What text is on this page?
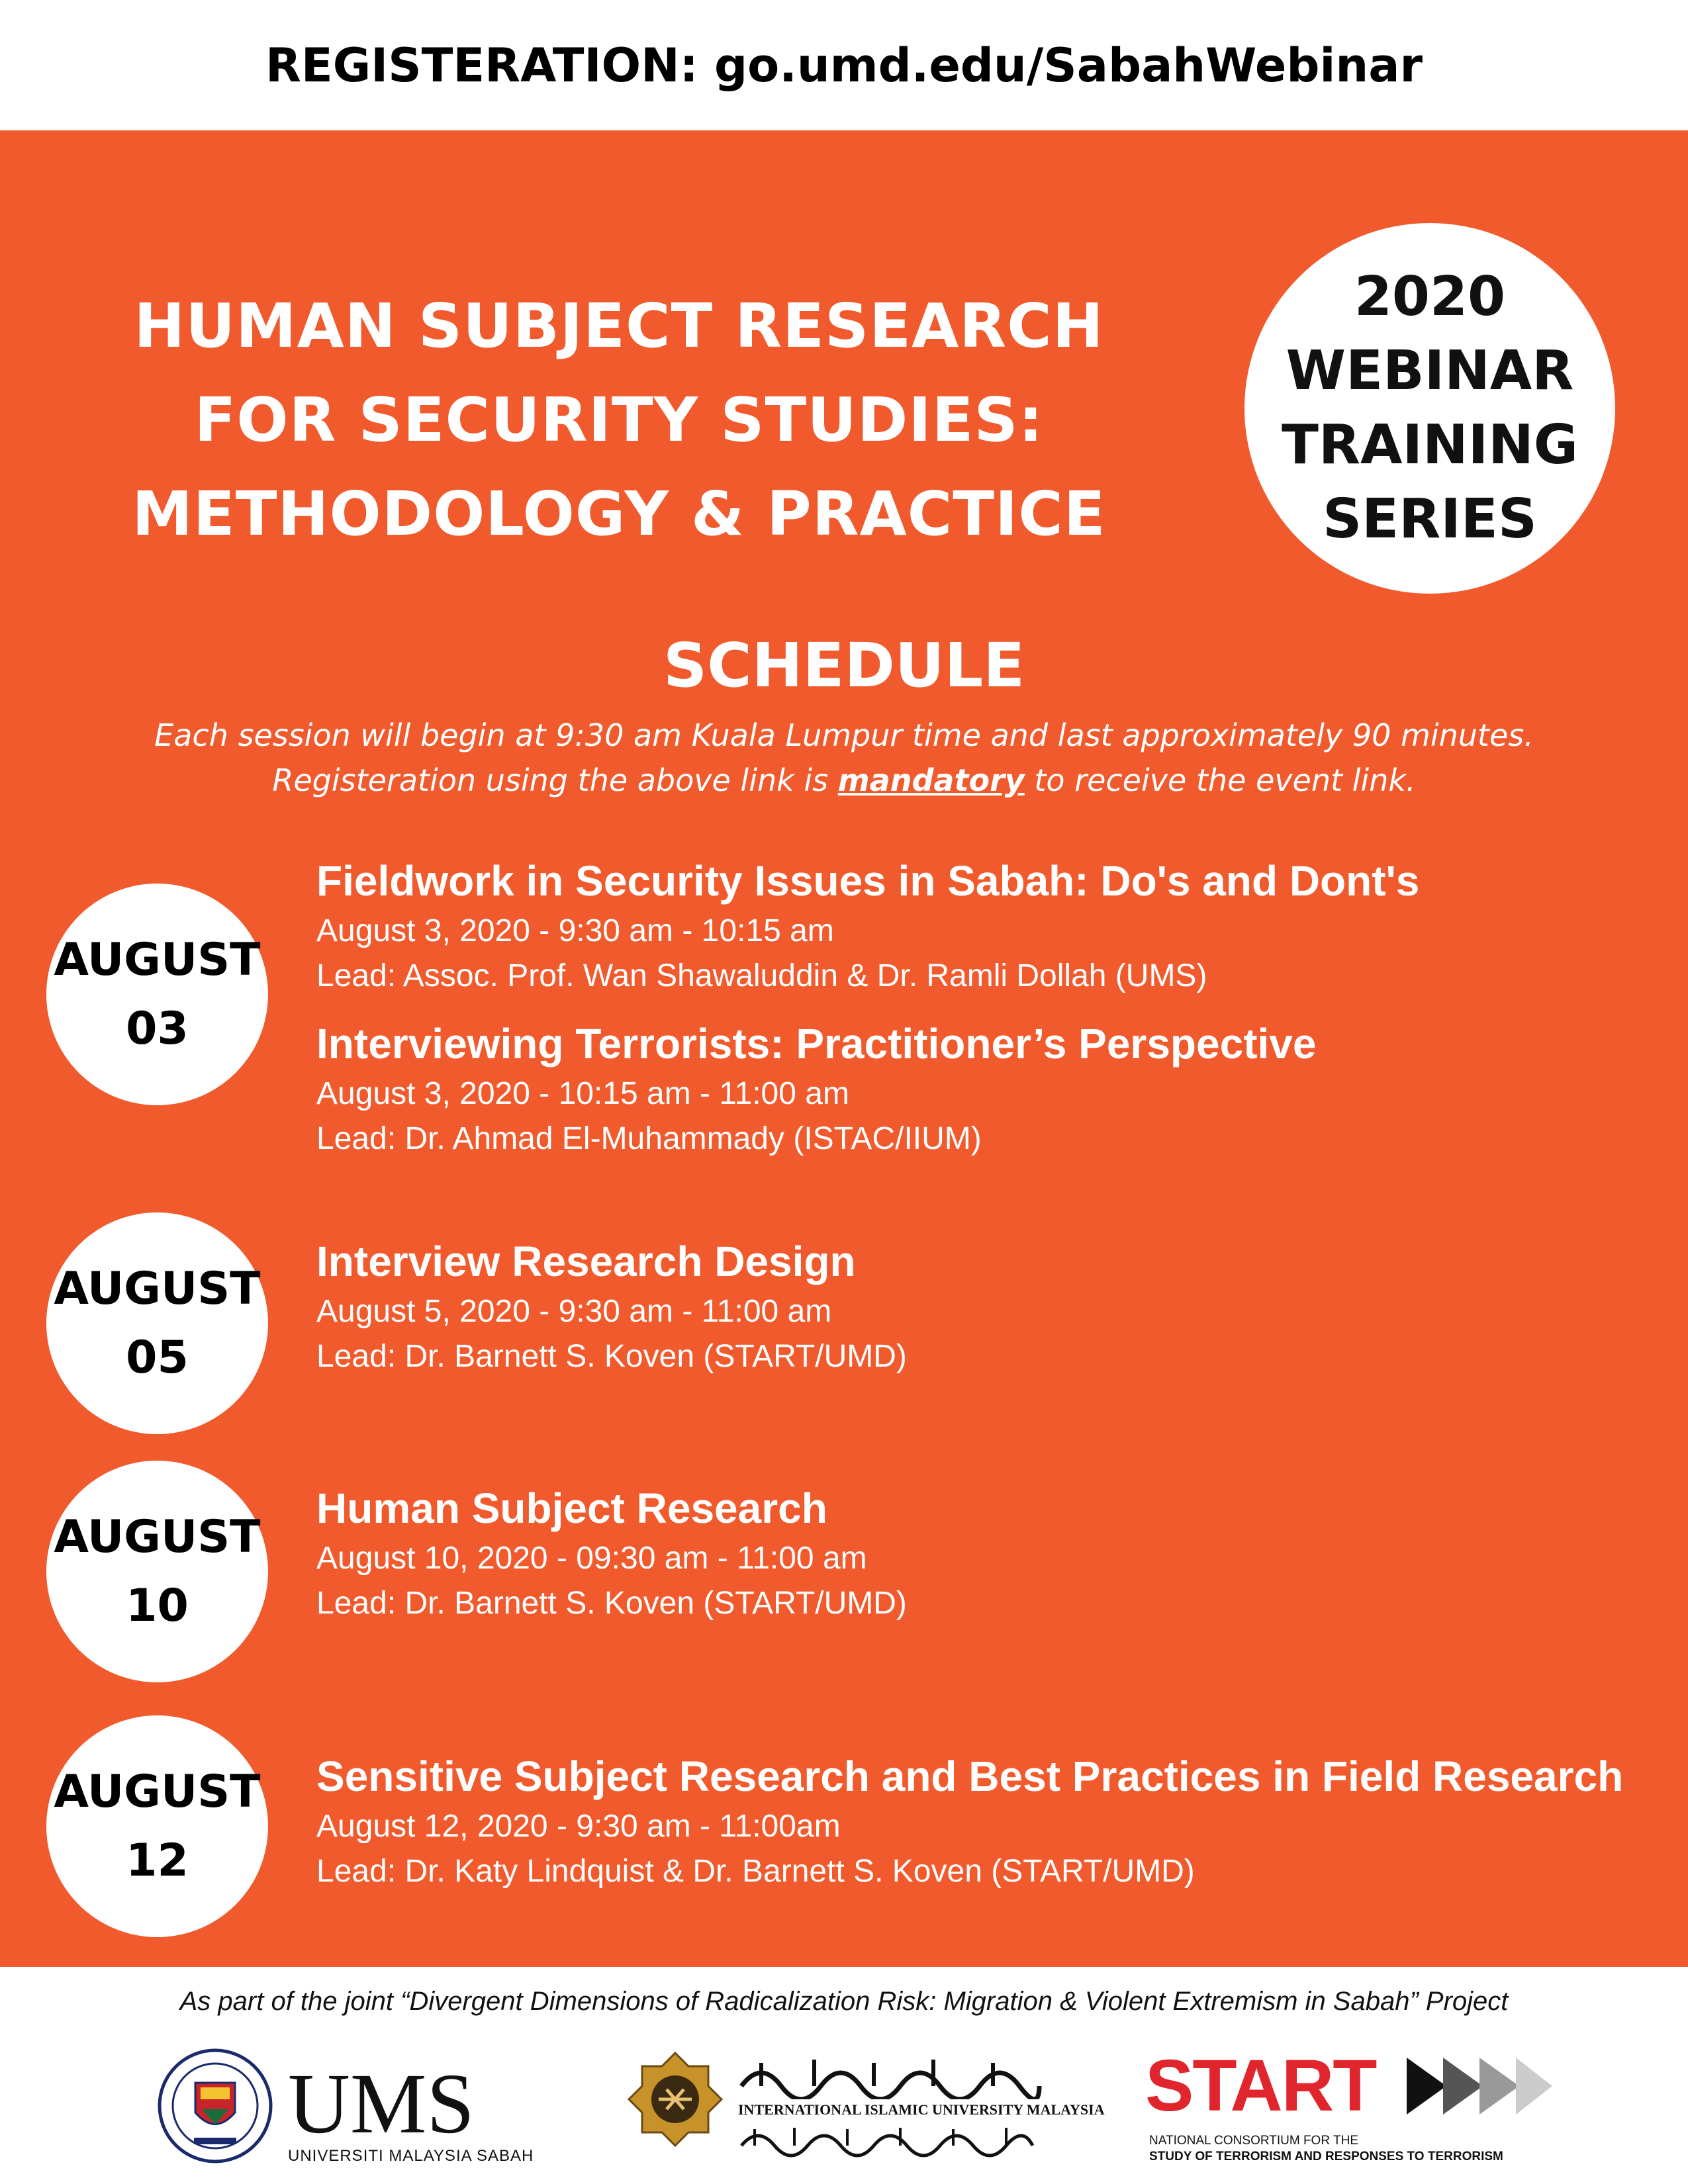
REGISTERATION: go.umd.edu/SabahWebinar
HUMAN SUBJECT RESEARCH
FOR SECURITY STUDIES:
METHODOLOGY & PRACTICE
2020
WEBINAR
TRAINING
SERIES
SCHEDULE
Each session will begin at 9:30 am Kuala Lumpur time and last approximately 90 minutes.
Registeration using the above link is mandatory to receive the event link.
AUGUST
03
AUGUST
05
AUGUST
10
AUGUST
12
Fieldwork in Security Issues in Sabah: Do's and Dont's
August 3, 2020 - 9:30 am - 10:15 am
Lead: Assoc. Prof. Wan Shawaluddin & Dr. Ramli Dollah (UMS)
Interviewing Terrorists: Practitioner’s Perspective
August 3, 2020 - 10:15 am - 11:00 am
Lead: Dr. Ahmad El-Muhammady (ISTAC/IIUM)
Interview Research Design
August 5, 2020 - 9:30 am - 11:00 am
Lead: Dr. Barnett S. Koven (START/UMD)
Human Subject Research
August 10, 2020 - 09:30 am - 11:00 am
Lead: Dr. Barnett S. Koven (START/UMD)
Sensitive Subject Research and Best Practices in Field Research
August 12, 2020 - 9:30 am - 11:00am
Lead: Dr. Katy Lindquist & Dr. Barnett S. Koven (START/UMD)
As part of the joint “Divergent Dimensions of Radicalization Risk: Migration & Violent Extremism in Sabah” Project
UMS
UNIVERSITI MALAYSIA SABAH
INTERNATIONAL ISLAMIC UNIVERSITY MALAYSIA START
NATIONAL CONSORTIUM FOR THE
STUDY OF TERRORISM AND RESPONSES TO TERRORISM
